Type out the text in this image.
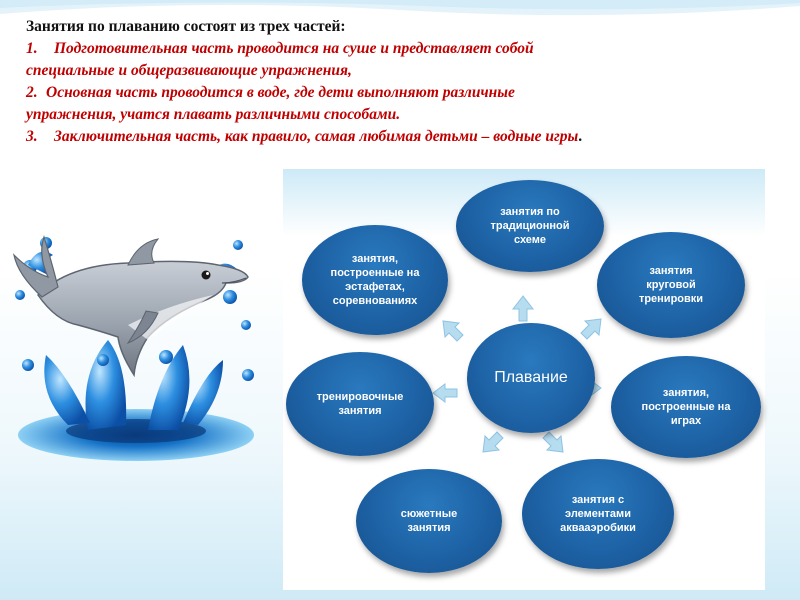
Занятия по плаванию состоят из трех частей:
1. Подготовительная часть проводится на суше и представляет собой
специальные и общеразвивающие упражнения,
2. Основная часть проводится в воде, где дети выполняют различные
упражнения, учатся плавать различными способами.
3. Заключительная часть, как правило, самая любимая детьми – водные игры.
Плавание
занятия по
традиционной
схеме
занятия
круговой
тренировки
занятия,
построенные на
играх
занятия с
элементами
аквааэробики
сюжетные
занятия
тренировочные
занятия
занятия,
построенные на
эстафетах,
соревнованиях
